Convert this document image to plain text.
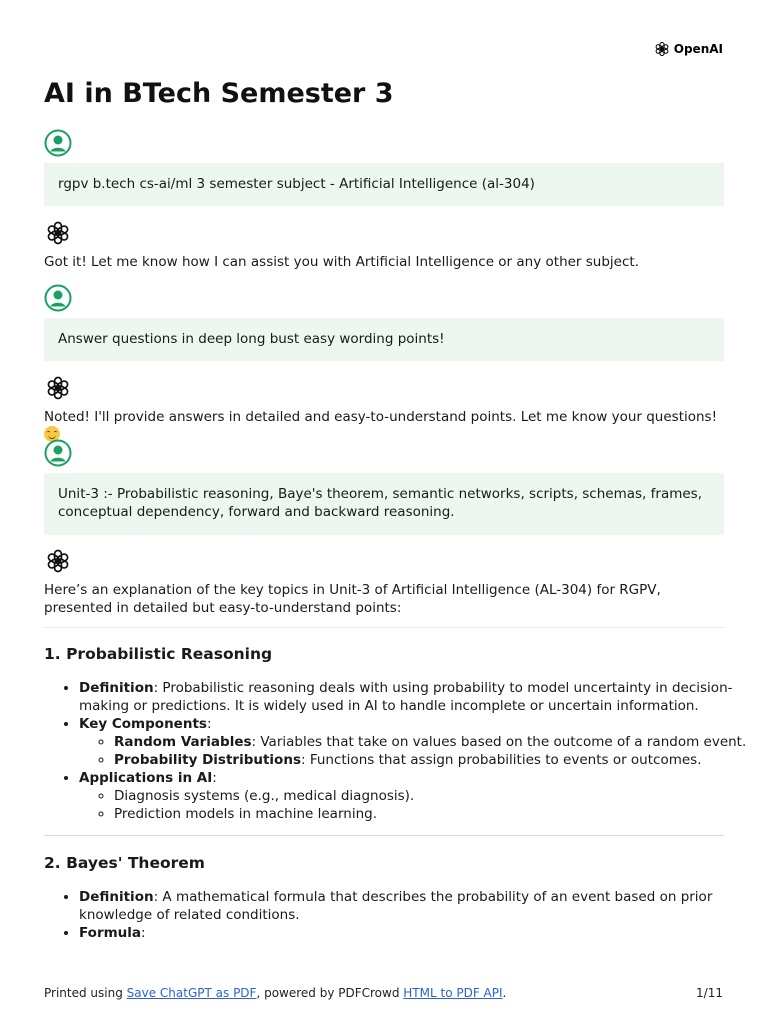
OpenAI
AI in BTech Semester 3
rgpv b.tech cs-ai/ml 3 semester subject - Artificial Intelligence (al-304)

Got it! Let me know how I can assist you with Artificial Intelligence or any other subject.

Answer questions in deep long bust easy wording points!

Noted! I'll provide answers in detailed and easy-to-understand points. Let me know your questions!

Unit-3 :- Probabilistic reasoning, Baye's theorem, semantic networks, scripts, schemas, frames, conceptual dependency, forward and backward reasoning.

Here’s an explanation of the key topics in Unit-3 of Artificial Intelligence (AL-304) for RGPV, presented in detailed but easy-to-understand points:

1. Probabilistic Reasoning
• Definition: Probabilistic reasoning deals with using probability to model uncertainty in decision-making or predictions. It is widely used in AI to handle incomplete or uncertain information.
• Key Components:
◦ Random Variables: Variables that take on values based on the outcome of a random event.
◦ Probability Distributions: Functions that assign probabilities to events or outcomes.
• Applications in AI:
◦ Diagnosis systems (e.g., medical diagnosis).
◦ Prediction models in machine learning.
2. Bayes' Theorem
• Definition: A mathematical formula that describes the probability of an event based on prior knowledge of related conditions.
• Formula:
Printed using Save ChatGPT as PDF, powered by PDFCrowd HTML to PDF API.	1/11
